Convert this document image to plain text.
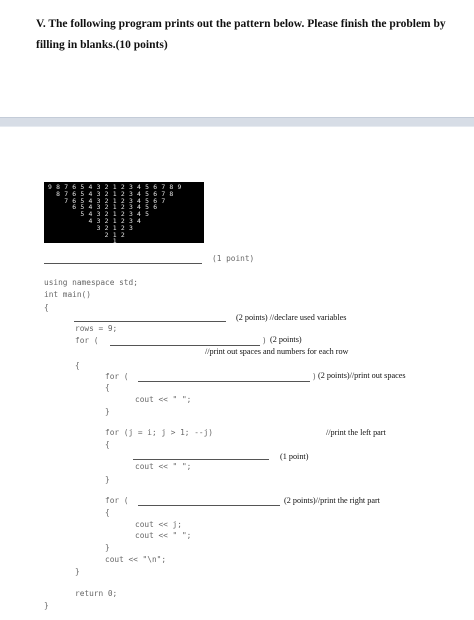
V. The following program prints out the pattern below. Please finish the problem by filling in blanks.(10 points)
9 8 7 6 5 4 3 2 1 2 3 4 5 6 7 8 9
8 7 6 5 4 3 2 1 2 3 4 5 6 7 8
7 6 5 4 3 2 1 2 3 4 5 6 7
6 5 4 3 2 1 2 3 4 5 6
5 4 3 2 1 2 3 4 5
4 3 2 1 2 3 4
3 2 1 2 3
2 1 2
1
(1 point)
using namespace std;
int main()
{
(2 points) //declare used variables
rows = 9;
for (	) (2 points)
//print out spaces and numbers for each row
{
for (	) (2 points)//print out spaces
{
cout << " ";
}
for (j = i; j > 1; --j)	//print the left part
{
(1 point)
cout << " ";
}
for (	(2 points)//print the right part
{
cout << j;
cout << " ";
}
cout << "\n";
}
return 0;
}
